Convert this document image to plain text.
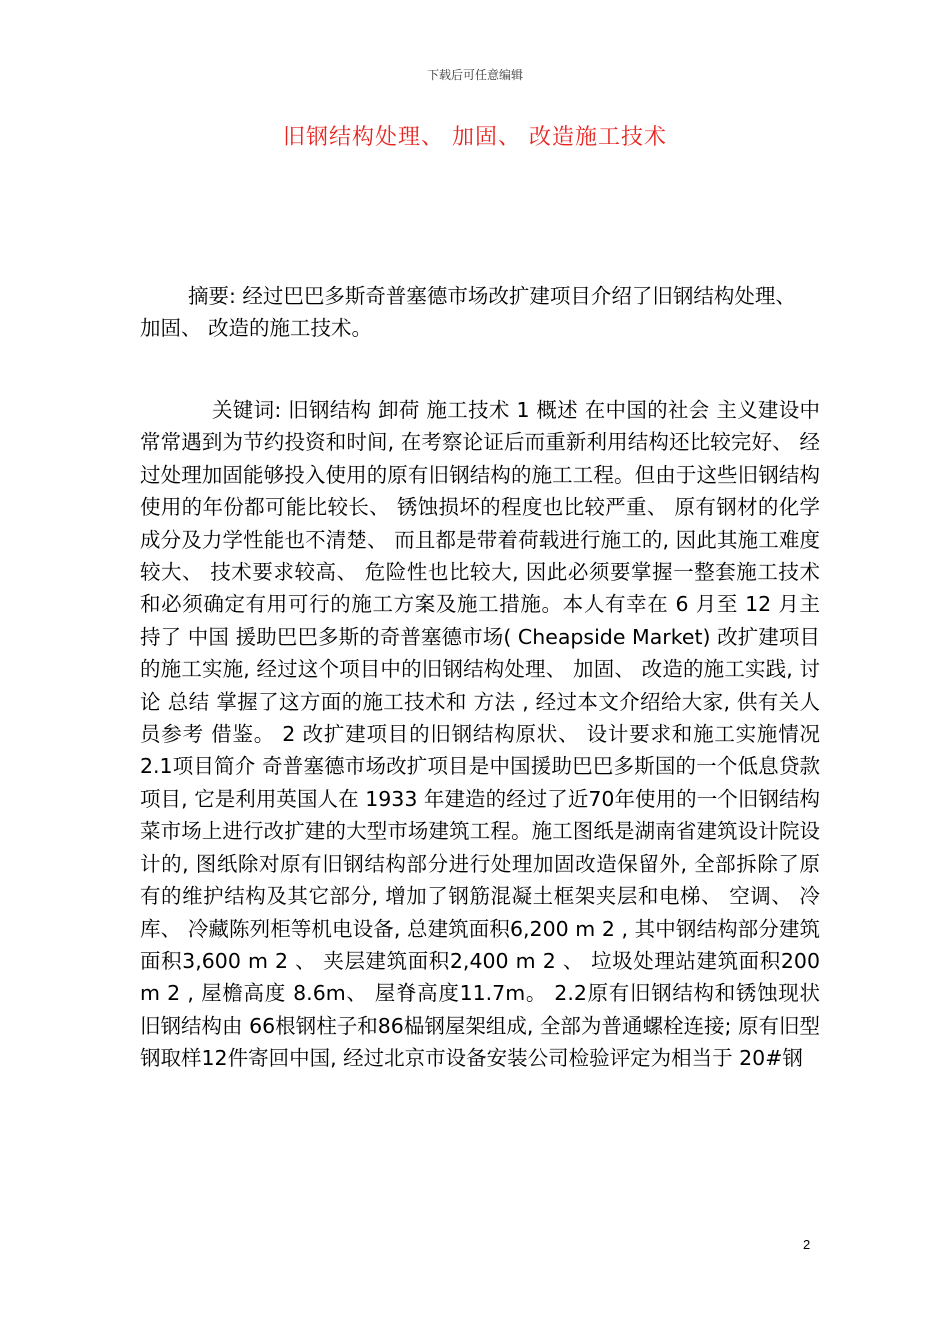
下载后可任意编辑
旧钢结构处理、 加固、 改造施工技术

摘要: 经过巴巴多斯奇普塞德市场改扩建项目介绍了旧钢结构处理、 加固、 改造的施工技术。

关键词: 旧钢结构 卸荷 施工技术 1 概述 在中国的社会 主义建设中常常遇到为节约投资和时间, 在考察论证后而重新利用结构还比较完好、 经过处理加固能够投入使用的原有旧钢结构的施工工程。但由于这些旧钢结构使用的年份都可能比较长、 锈蚀损坏的程度也比较严重、 原有钢材的化学成分及力学性能也不清楚、 而且都是带着荷载进行施工的, 因此其施工难度较大、 技术要求较高、 危险性也比较大, 因此必须要掌握一整套施工技术和必须确定有用可行的施工方案及施工措施。本人有幸在 6 月至 12 月主持了 中国 援助巴巴多斯的奇普塞德市场( Cheapside Market) 改扩建项目的施工实施, 经过这个项目中的旧钢结构处理、 加固、 改造的施工实践, 讨论 总结 掌握了这方面的施工技术和 方法 , 经过本文介绍给大家, 供有关人员参考 借鉴。 2 改扩建项目的旧钢结构原状、 设计要求和施工实施情况 2.1项目简介 奇普塞德市场改扩项目是中国援助巴巴多斯国的一个低息贷款项目, 它是利用英国人在 1933 年建造的经过了近70年使用的一个旧钢结构菜市场上进行改扩建的大型市场建筑工程。施工图纸是湖南省建筑设计院设计的, 图纸除对原有旧钢结构部分进行处理加固改造保留外, 全部拆除了原有的维护结构及其它部分, 增加了钢筋混凝土框架夹层和电梯、 空调、 冷库、 冷藏陈列柜等机电设备, 总建筑面积6,200 m 2 , 其中钢结构部分建筑面积3,600 m 2 、 夹层建筑面积2,400 m 2 、 垃圾处理站建筑面积200 m 2 , 屋檐高度 8.6m、 屋脊高度11.7m。 2.2原有旧钢结构和锈蚀现状 旧钢结构由 66根钢柱子和86榀钢屋架组成, 全部为普通螺栓连接; 原有旧型钢取样12件寄回中国, 经过北京市设备安装公司检验评定为相当于 20#钢

2
